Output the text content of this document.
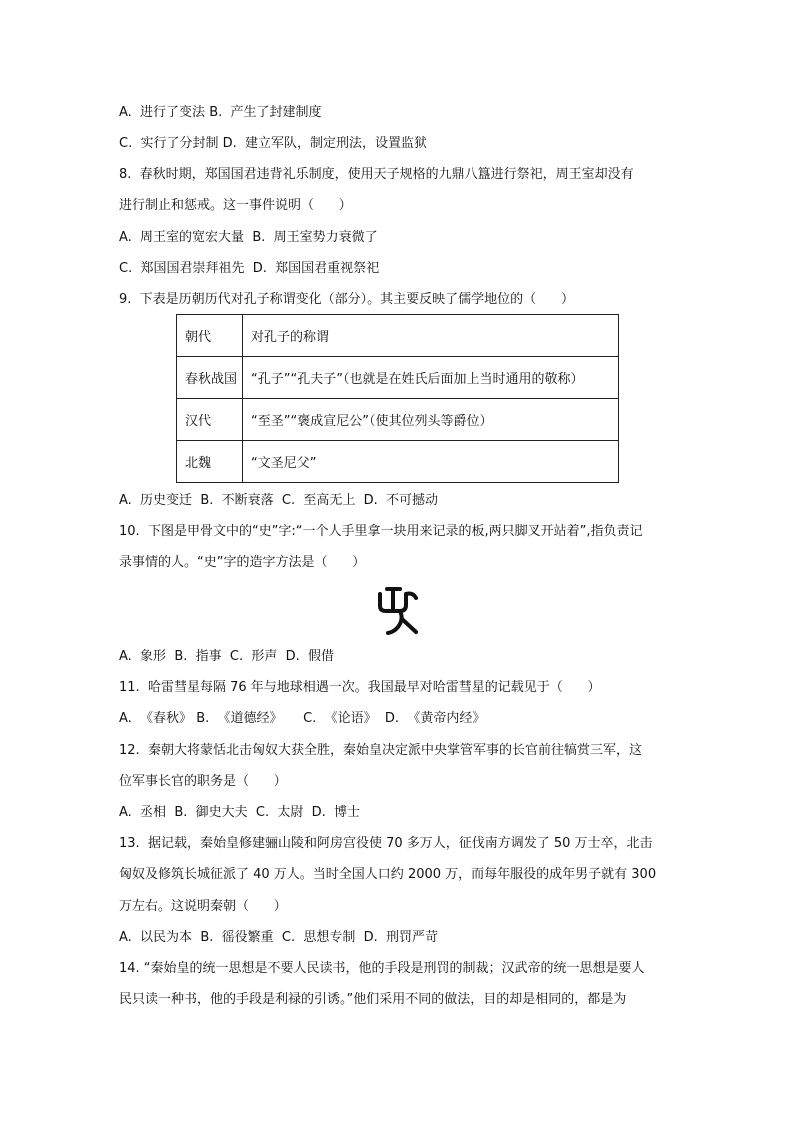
A.  进行了变法 B.  产生了封建制度
C.  实行了分封制 D.  建立军队，制定刑法，设置监狱
8.  春秋时期，郑国国君违背礼乐制度，使用天子规格的九鼎八簋进行祭祀，周王室却没有
进行制止和惩戒。这一事件说明（      ）
A.  周王室的宽宏大量  B.  周王室势力衰微了
C.  郑国国君崇拜祖先  D.  郑国国君重视祭祀
9.  下表是历朝历代对孔子称谓变化（部分）。其主要反映了儒学地位的（      ）
朝代	对孔子的称谓
春秋战国	“孔子”“孔夫子”（也就是在姓氏后面加上当时通用的敬称）
汉代	“至圣”“褒成宣尼公”（使其位列头等爵位）
北魏	“文圣尼父”
A.  历史变迁  B.  不断衰落  C.  至高无上  D.  不可撼动
10.  下图是甲骨文中的“史”字:“一个人手里拿一块用来记录的板,两只脚叉开站着”,指负责记
录事情的人。“史”字的造字方法是（      ）
A.  象形  B.  指事  C.  形声  D.  假借
11.  哈雷彗星每隔 76 年与地球相遇一次。我国最早对哈雷彗星的记载见于（      ）
A.  《春秋》 B.  《道德经》     C.  《论语》  D.  《黄帝内经》
12.  秦朝大将蒙恬北击匈奴大获全胜，秦始皇决定派中央掌管军事的长官前往犒赏三军，这
位军事长官的职务是（      ）
A.  丞相  B.  御史大夫  C.  太尉  D.  博士
13.  据记载，秦始皇修建骊山陵和阿房宫役使 70 多万人，征伐南方调发了 50 万士卒，北击
匈奴及修筑长城征派了 40 万人。当时全国人口约 2000 万，而每年服役的成年男子就有 300
万左右。这说明秦朝（      ）
A.  以民为本  B.  徭役繁重  C.  思想专制  D.  刑罚严苛
14. “秦始皇的统一思想是不要人民读书，他的手段是刑罚的制裁；汉武帝的统一思想是要人
民只读一种书，他的手段是利禄的引诱。”他们采用不同的做法，目的却是相同的，都是为
